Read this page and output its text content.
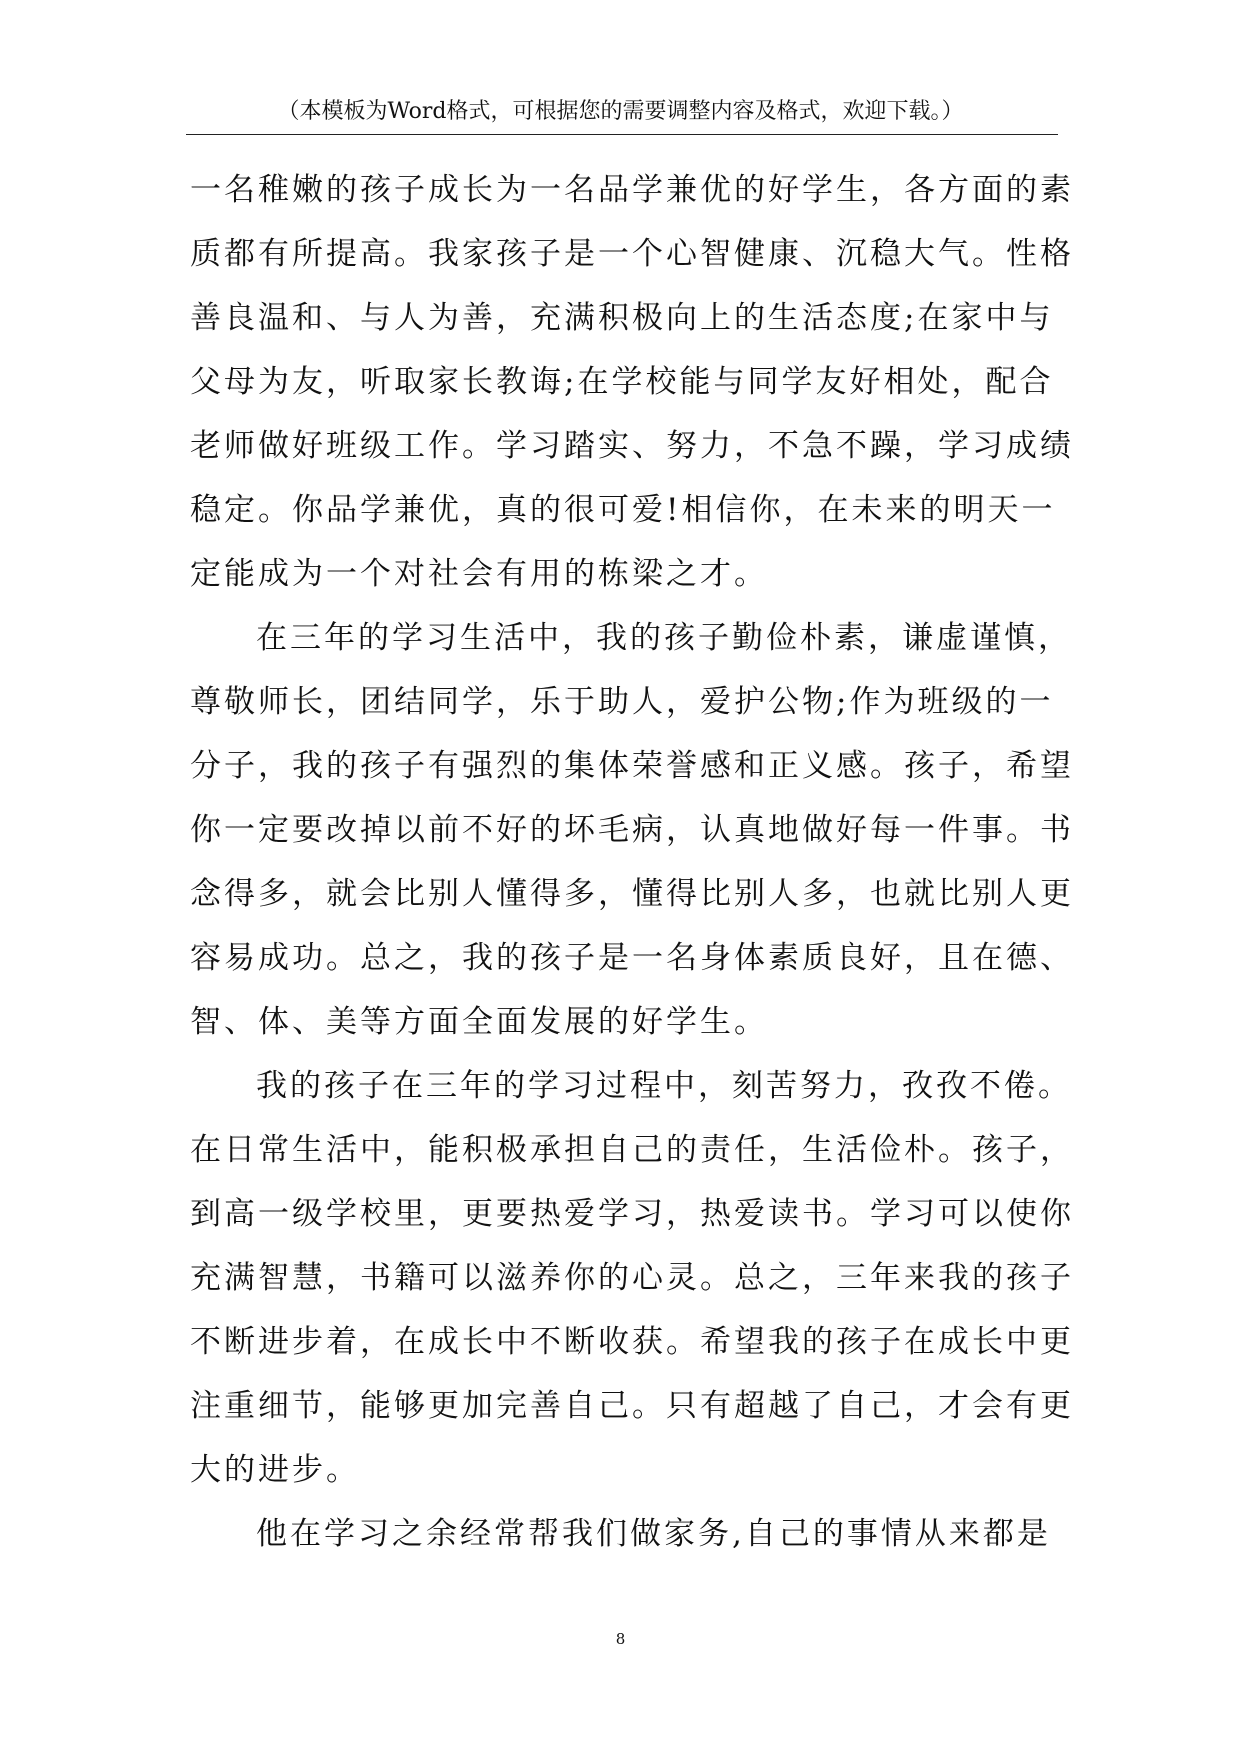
（本模板为Word格式，可根据您的需要调整内容及格式，欢迎下载。）
一名稚嫩的孩子成长为一名品学兼优的好学生，各方面的素
质都有所提高。我家孩子是一个心智健康、沉稳大气。性格
善良温和、与人为善，充满积极向上的生活态度;在家中与
父母为友，听取家长教诲;在学校能与同学友好相处，配合
老师做好班级工作。学习踏实、努力，不急不躁，学习成绩
稳定。你品学兼优，真的很可爱!相信你，在未来的明天一
定能成为一个对社会有用的栋梁之才。
在三年的学习生活中，我的孩子勤俭朴素，谦虚谨慎，
尊敬师长，团结同学，乐于助人，爱护公物;作为班级的一
分子，我的孩子有强烈的集体荣誉感和正义感。孩子，希望
你一定要改掉以前不好的坏毛病，认真地做好每一件事。书
念得多，就会比别人懂得多，懂得比别人多，也就比别人更
容易成功。总之，我的孩子是一名身体素质良好，且在德、
智、体、美等方面全面发展的好学生。
我的孩子在三年的学习过程中，刻苦努力，孜孜不倦。
在日常生活中，能积极承担自己的责任，生活俭朴。孩子，
到高一级学校里，更要热爱学习，热爱读书。学习可以使你
充满智慧，书籍可以滋养你的心灵。总之，三年来我的孩子
不断进步着，在成长中不断收获。希望我的孩子在成长中更
注重细节，能够更加完善自己。只有超越了自己，才会有更
大的进步。
他在学习之余经常帮我们做家务,自己的事情从来都是
8
